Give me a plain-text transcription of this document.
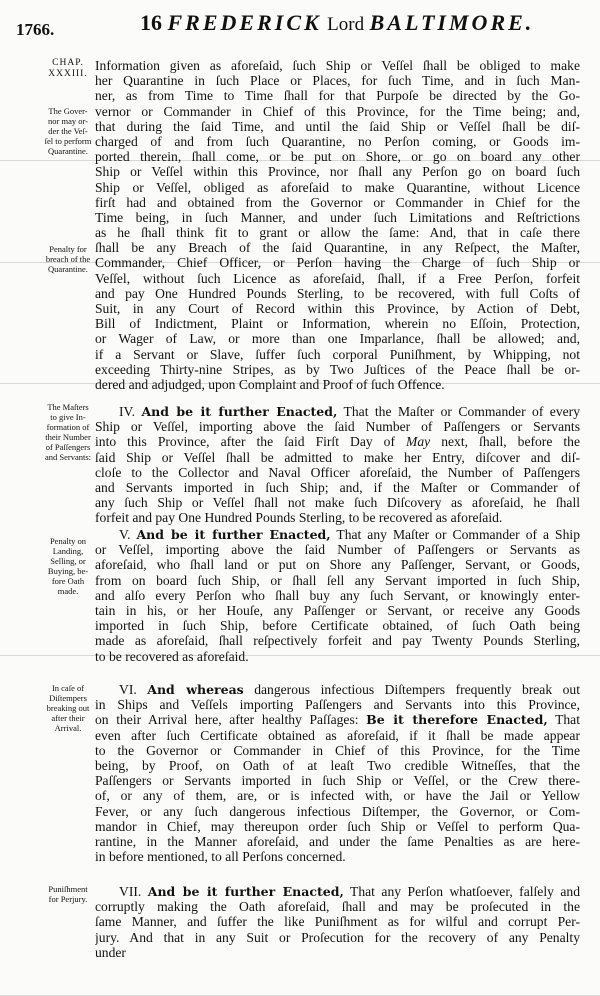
1766.	16 FREDERICK Lord BALTIMORE.
CHAP.
XXXIII.
The Gover-
nor may or-
der the Veſ-
ſel to perform
Quarantine.
Penalty for
breach of the
Quarantine.
The Maſters
to give In-
formation of
their Number
of Paſſengers
and Servants:
Penalty on
Landing,
Selling, or
Buying, be-
fore Oath
made.
In caſe of
Diſtempers
breaking out
after their
Arrival.
Puniſhment
for Perjury.
Information given as aforeſaid, ſuch Ship or Veſſel ſhall be obliged to make
her Quarantine in ſuch Place or Places, for ſuch Time, and in ſuch Man-
ner, as from Time to Time ſhall for that Purpoſe be directed by the Go-
vernor or Commander in Chief of this Province, for the Time being; and,
that during the ſaid Time, and until the ſaid Ship or Veſſel ſhall be diſ-
charged of and from ſuch Quarantine, no Perſon coming, or Goods im-
ported therein, ſhall come, or be put on Shore, or go on board any other
Ship or Veſſel within this Province, nor ſhall any Perſon go on board ſuch
Ship or Veſſel, obliged as aforeſaid to make Quarantine, without Licence
firſt had and obtained from the Governor or Commander in Chief for the
Time being, in ſuch Manner, and under ſuch Limitations and Reſtrictions
as he ſhall think fit to grant or allow the ſame: And, that in caſe there
ſhall be any Breach of the ſaid Quarantine, in any Reſpect, the Maſter,
Commander, Chief Officer, or Perſon having the Charge of ſuch Ship or
Veſſel, without ſuch Licence as aforeſaid, ſhall, if a Free Perſon, forfeit
and pay One Hundred Pounds Sterling, to be recovered, with full Coſts of
Suit, in any Court of Record within this Province, by Action of Debt,
Bill of Indictment, Plaint or Information, wherein no Eſſoin, Protection,
or Wager of Law, or more than one Imparlance, ſhall be allowed; and,
if a Servant or Slave, ſuffer ſuch corporal Puniſhment, by Whipping, not
exceeding Thirty-nine Stripes, as by Two Juſtices of the Peace ſhall be or-
dered and adjudged, upon Complaint and Proof of ſuch Offence.
IV. And be it further Enacted, That the Maſter or Commander of every
Ship or Veſſel, importing above the ſaid Number of Paſſengers or Servants
into this Province, after the ſaid Firſt Day of May next, ſhall, before the
ſaid Ship or Veſſel ſhall be admitted to make her Entry, diſcover and diſ-
cloſe to the Collector and Naval Officer aforeſaid, the Number of Paſſengers
and Servants imported in ſuch Ship; and, if the Maſter or Commander of
any ſuch Ship or Veſſel ſhall not make ſuch Diſcovery as aforeſaid, he ſhall
forfeit and pay One Hundred Pounds Sterling, to be recovered as aforeſaid.
V. And be it further Enacted, That any Maſter or Commander of a Ship
or Veſſel, importing above the ſaid Number of Paſſengers or Servants as
aforeſaid, who ſhall land or put on Shore any Paſſenger, Servant, or Goods,
from on board ſuch Ship, or ſhall ſell any Servant imported in ſuch Ship,
and alſo every Perſon who ſhall buy any ſuch Servant, or knowingly enter-
tain in his, or her Houſe, any Paſſenger or Servant, or receive any Goods
imported in ſuch Ship, before Certificate obtained, of ſuch Oath being
made as aforeſaid, ſhall reſpectively forfeit and pay Twenty Pounds Sterling,
to be recovered as aforeſaid.
VI. And whereas dangerous infectious Diſtempers frequently break out
in Ships and Veſſels importing Paſſengers and Servants into this Province,
on their Arrival here, after healthy Paſſages: Be it therefore Enacted, That
even after ſuch Certificate obtained as aforeſaid, if it ſhall be made appear
to the Governor or Commander in Chief of this Province, for the Time
being, by Proof, on Oath of at leaſt Two credible Witneſſes, that the
Paſſengers or Servants imported in ſuch Ship or Veſſel, or the Crew there-
of, or any of them, are, or is infected with, or have the Jail or Yellow
Fever, or any ſuch dangerous infectious Diſtemper, the Governor, or Com-
mandor in Chief, may thereupon order ſuch Ship or Veſſel to perform Qua-
rantine, in the Manner aforeſaid, and under the ſame Penalties as are here-
in before mentioned, to all Perſons concerned.
VII. And be it further Enacted, That any Perſon whatſoever, falſely and
corruptly making the Oath aforeſaid, ſhall and may be proſecuted in the
ſame Manner, and ſuffer the like Puniſhment as for wilful and corrupt Per-
jury. And that in any Suit or Proſecution for the recovery of any Penalty
under
